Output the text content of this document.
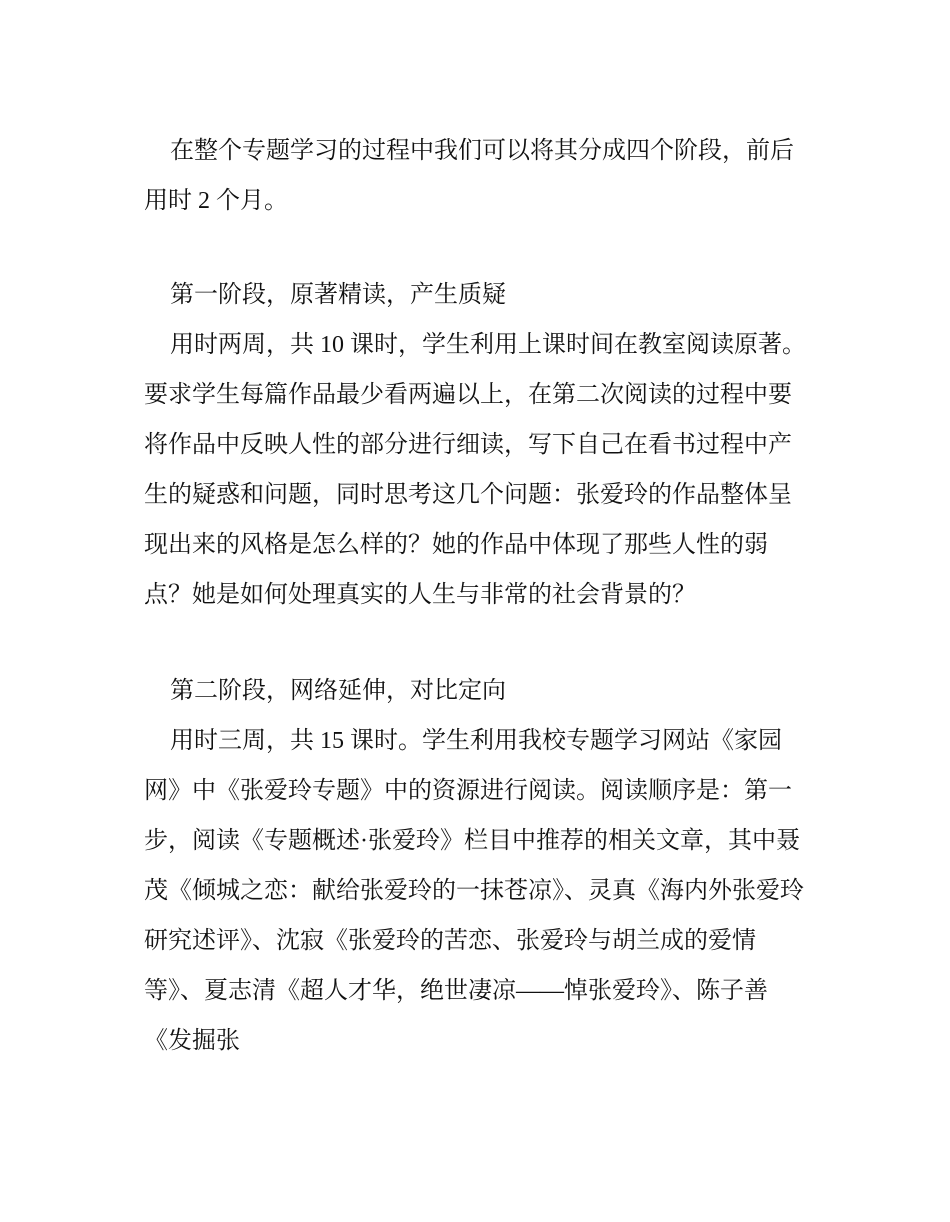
在整个专题学习的过程中我们可以将其分成四个阶段，前后用时 2 个月。

第一阶段，原著精读，产生质疑

用时两周，共 10 课时，学生利用上课时间在教室阅读原著。要求学生每篇作品最少看两遍以上，在第二次阅读的过程中要将作品中反映人性的部分进行细读，写下自己在看书过程中产生的疑惑和问题，同时思考这几个问题：张爱玲的作品整体呈现出来的风格是怎么样的？她的作品中体现了那些人性的弱点？她是如何处理真实的人生与非常的社会背景的？

第二阶段，网络延伸，对比定向

用时三周，共 15 课时。学生利用我校专题学习网站《家园网》中《张爱玲专题》中的资源进行阅读。阅读顺序是：第一步，阅读《专题概述·张爱玲》栏目中推荐的相关文章，其中聂茂《倾城之恋：献给张爱玲的一抹苍凉》、灵真《海内外张爱玲研究述评》、沈寂《张爱玲的苦恋、张爱玲与胡兰成的爱情等》、夏志清《超人才华，绝世凄凉——悼张爱玲》、陈子善《发掘张
